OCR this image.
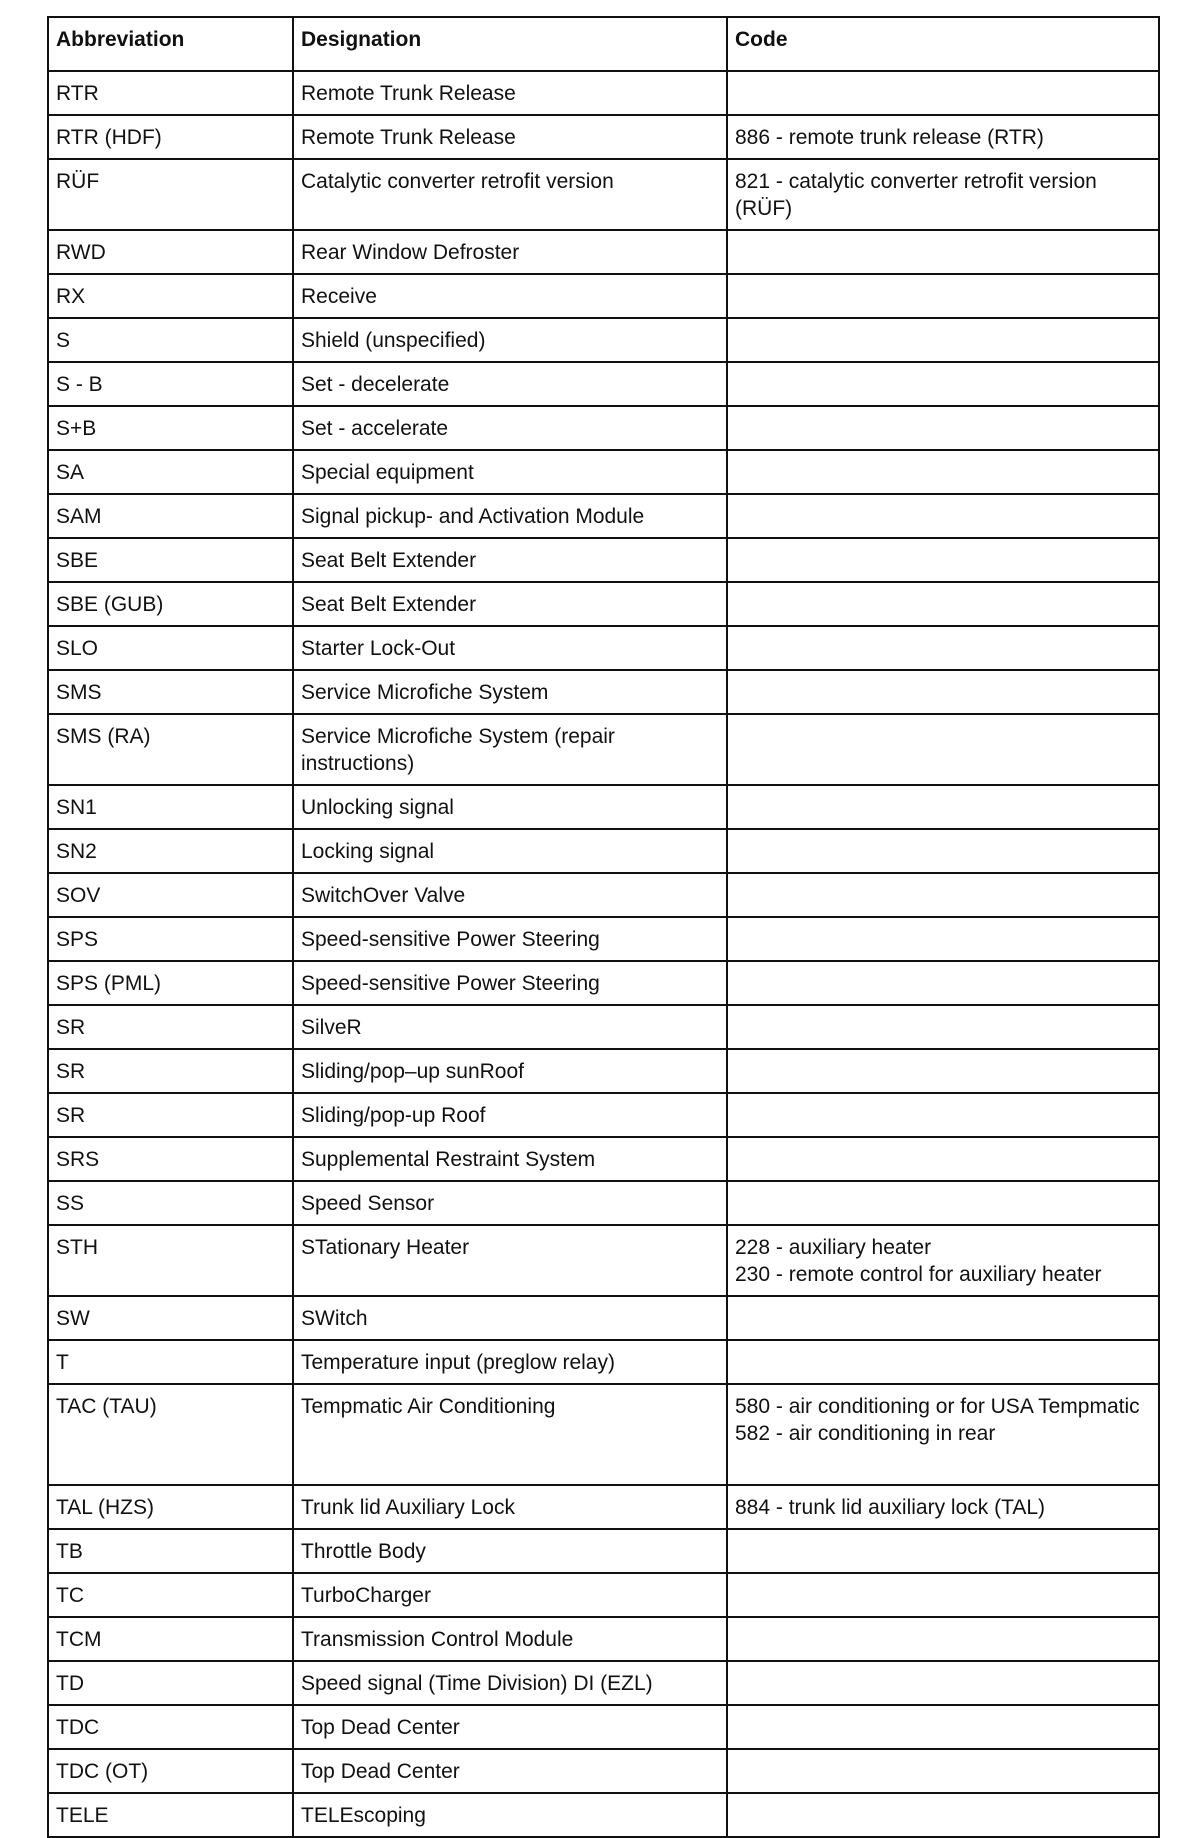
Abbreviation	Designation	Code
RTR	Remote Trunk Release	
RTR (HDF)	Remote Trunk Release	886 - remote trunk release (RTR)
RÜF	Catalytic converter retrofit version	821 - catalytic converter retrofit version (RÜF)
RWD	Rear Window Defroster	
RX	Receive	
S	Shield (unspecified)	
S - B	Set - decelerate	
S+B	Set - accelerate	
SA	Special equipment	
SAM	Signal pickup- and Activation Module	
SBE	Seat Belt Extender	
SBE (GUB)	Seat Belt Extender	
SLO	Starter Lock-Out	
SMS	Service Microfiche System	
SMS (RA)	Service Microfiche System (repair instructions)	
SN1	Unlocking signal	
SN2	Locking signal	
SOV	SwitchOver Valve	
SPS	Speed-sensitive Power Steering	
SPS (PML)	Speed-sensitive Power Steering	
SR	SilveR	
SR	Sliding/pop–up sunRoof	
SR	Sliding/pop-up Roof	
SRS	Supplemental Restraint System	
SS	Speed Sensor	
STH	STationary Heater	228 - auxiliary heater
230 - remote control for auxiliary heater
SW	SWitch	
T	Temperature input (preglow relay)	
TAC (TAU)	Tempmatic Air Conditioning	580 - air conditioning or for USA Tempmatic
582 - air conditioning in rear
TAL (HZS)	Trunk lid Auxiliary Lock	884 - trunk lid auxiliary lock (TAL)
TB	Throttle Body	
TC	TurboCharger	
TCM	Transmission Control Module	
TD	Speed signal (Time Division) DI (EZL)	
TDC	Top Dead Center	
TDC (OT)	Top Dead Center	
TELE	TELEscoping	
